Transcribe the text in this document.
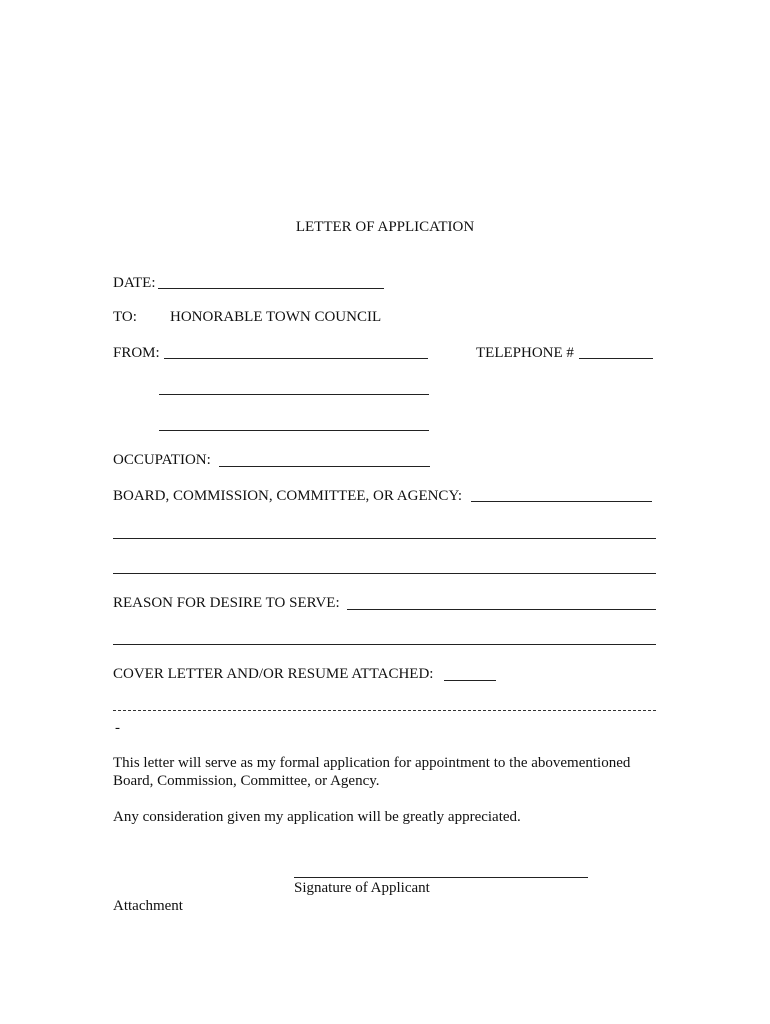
LETTER OF APPLICATION
DATE:
TO: HONORABLE TOWN COUNCIL
FROM:	TELEPHONE #
OCCUPATION:
BOARD, COMMISSION, COMMITTEE, OR AGENCY:
REASON FOR DESIRE TO SERVE:
COVER LETTER AND/OR RESUME ATTACHED:
-
This letter will serve as my formal application for appointment to the abovementioned
Board, Commission, Committee, or Agency.
Any consideration given my application will be greatly appreciated.
Signature of Applicant
Attachment
